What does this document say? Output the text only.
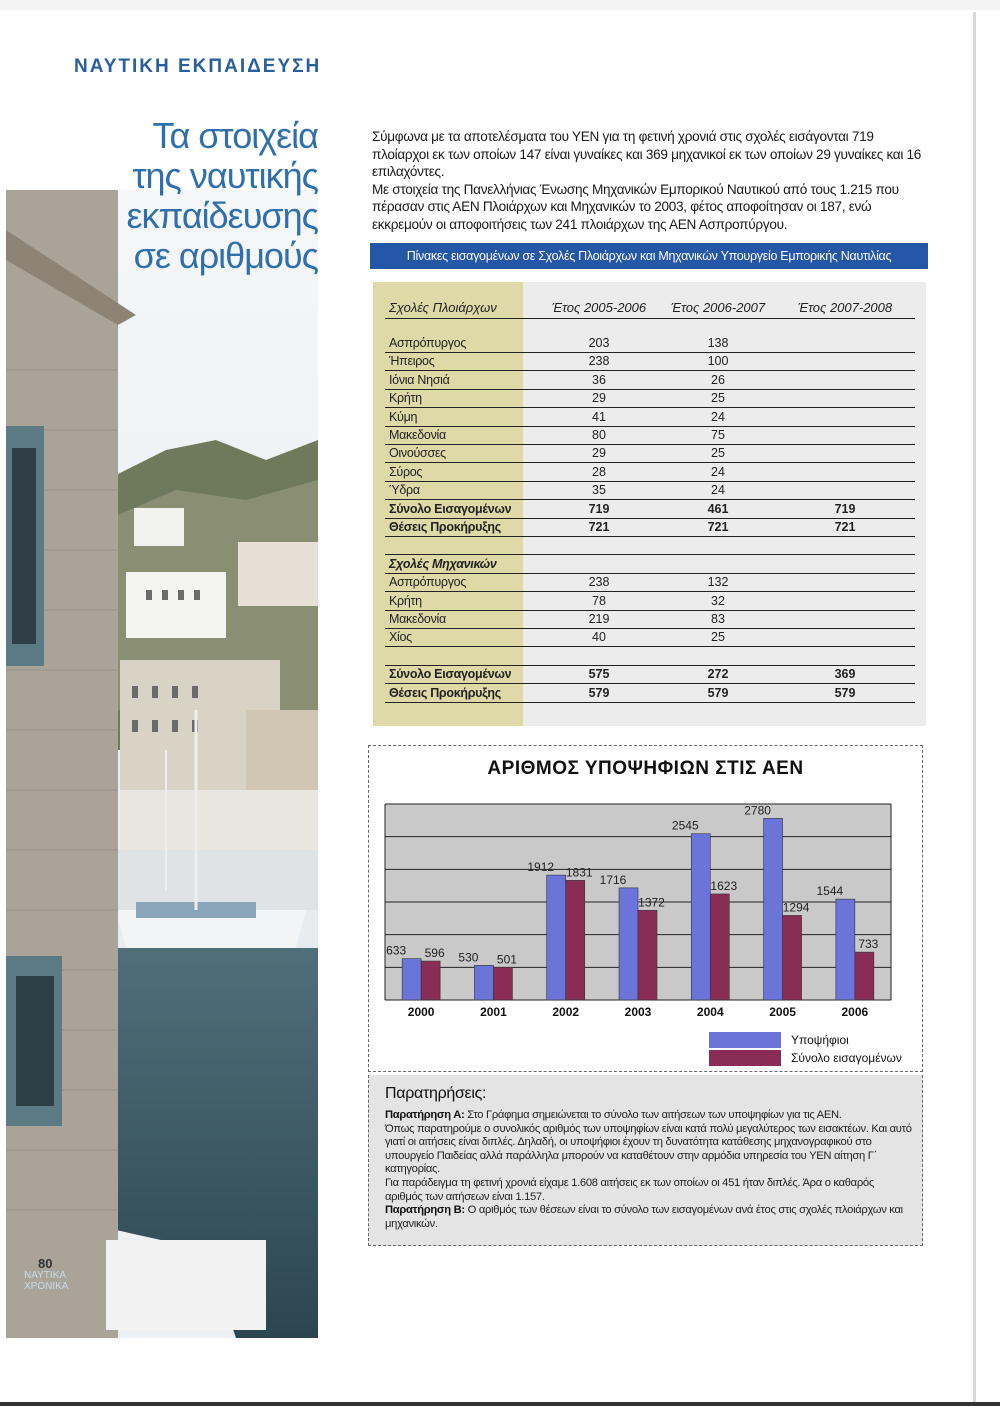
ΝΑΥΤΙΚΗ ΕΚΠΑΙΔΕΥΣΗ
Τα στοιχεία
της ναυτικής
εκπαίδευσης
σε αριθμούς

Σύμφωνα με τα αποτελέσματα του ΥΕΝ για τη φετινή χρονιά στις σχολές εισάγονται 719 πλοίαρχοι εκ των οποίων 147 είναι γυναίκες και 369 μηχανικοί εκ των οποίων 29 γυναίκες και 16 επιλαχόντες.

Με στοιχεία της Πανελλήνιας Ένωσης Μηχανικών Εμπορικού Ναυτικού από τους 1.215 που πέρασαν στις ΑΕΝ Πλοιάρχων και Μηχανικών το 2003, φέτος αποφοίτησαν οι 187, ενώ εκκρεμούν οι αποφοιτήσεις των 241 πλοιάρχων της ΑΕΝ Ασπροπύργου.

Πίνακες εισαγομένων σε Σχολές Πλοιάρχων και Μηχανικών Υπουργείο Εμπορικής Ναυτιλίας
Σχολές Πλοιάρχων	Έτος 2005-2006	Έτος 2006-2007	Έτος 2007-2008
Ασπρόπυργος	203	138
Ήπειρος	238	100
Ιόνια Νησιά	36	26
Κρήτη	29	25
Κύμη	41	24
Μακεδονία	80	75
Οινούσσες	29	25
Σύρος	28	24
Ύδρα	35	24
Σύνολο Εισαγομένων	719	461	719
Θέσεις Προκήρυξης	721	721	721
Σχολές Μηχανικών
Ασπρόπυργος	238	132
Κρήτη	78	32
Μακεδονία	219	83
Χίος	40	25
Σύνολο Εισαγομένων	575	272	369
Θέσεις Προκήρυξης	579	579	579
ΑΡΙΘΜΟΣ ΥΠΟΨΗΦΙΩΝ ΣΤΙΣ ΑΕΝ
633 596
2000
530 501
2001
1912 1831
2002
1716
1372
2003
2545
1623
2004
2780
1294
2005
1544
733
2006
Υποψήφιοι
Σύνολο εισαγομένων
Παρατηρήσεις:

Παρατήρηση Α: Στο Γράφημα σημειώνεται το σύνολο των αιτήσεων των υποψηφίων για τις ΑΕΝ.

Όπως παρατηρούμε ο συνολικός αριθμός των υποψηφίων είναι κατά πολύ μεγαλύτερος των εισακτέων. Και αυτό γιατί οι αιτήσεις είναι διπλές. Δηλαδή, οι υποψήφιοι έχουν τη δυνατότητα κατάθεσης μηχανογραφικού στο υπουργείο Παιδείας αλλά παράλληλα μπορούν να καταθέτουν στην αρμόδια υπηρεσία του ΥΕΝ αίτηση Γ΄ κατηγορίας.

Για παράδειγμα τη φετινή χρονιά είχαμε 1.608 αιτήσεις εκ των οποίων οι 451 ήταν διπλές. Άρα ο καθαρός αριθμός των αιτήσεων είναι 1.157.

Παρατήρηση Β: Ο αριθμός των θέσεων είναι το σύνολο των εισαγομένων ανά έτος στις σχολές πλοιάρχων και μηχανικών.

80
ΝΑΥΤΙΚΑ
ΧΡΟΝΙΚΑ
